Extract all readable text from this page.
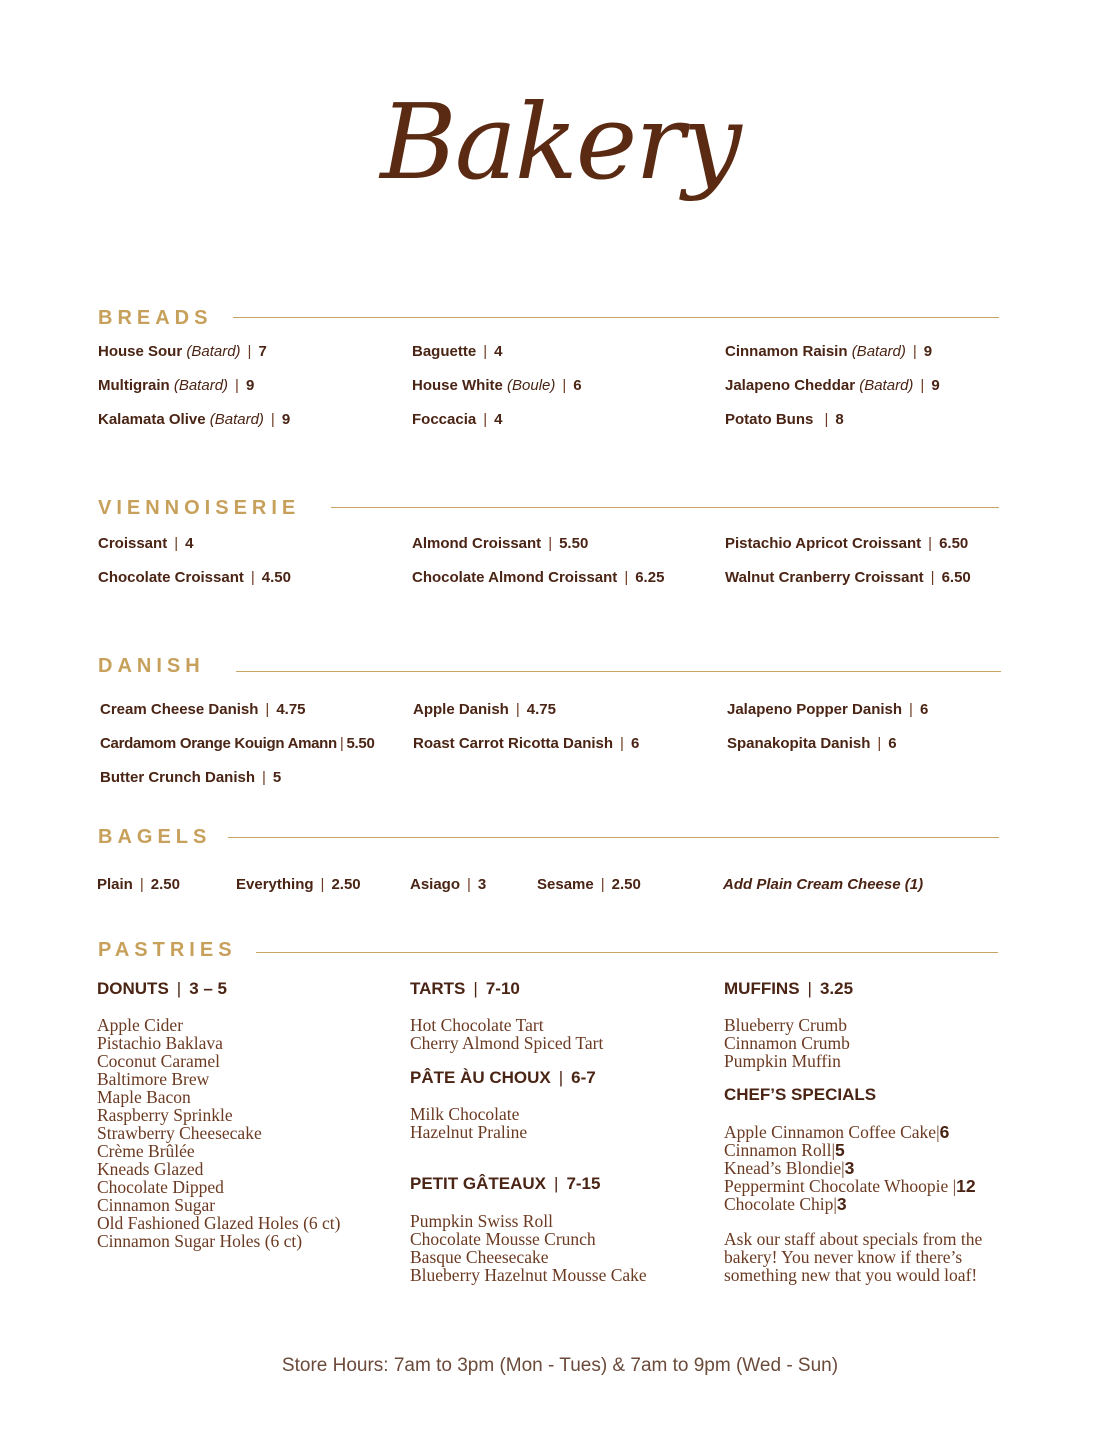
Bakery
BREADS
House Sour (Batard) | 7	Baguette | 4	Cinnamon Raisin (Batard) | 9
Multigrain (Batard) | 9	House White (Boule) | 6	Jalapeno Cheddar (Batard) | 9
Kalamata Olive (Batard) | 9	Foccacia | 4	Potato Buns | 8
VIENNOISERIE
Croissant | 4	Almond Croissant | 5.50	Pistachio Apricot Croissant | 6.50
Chocolate Croissant | 4.50	Chocolate Almond Croissant | 6.25	Walnut Cranberry Croissant | 6.50
DANISH
Cream Cheese Danish | 4.75	Apple Danish | 4.75	Jalapeno Popper Danish | 6
Cardamom Orange Kouign Amann | 5.50	Roast Carrot Ricotta Danish | 6	Spanakopita Danish | 6
Butter Crunch Danish | 5
BAGELS
Plain | 2.50	Everything | 2.50	Asiago | 3	Sesame | 2.50	Add Plain Cream Cheese (1)
PASTRIES
DONUTS | 3 – 5
Apple Cider
Pistachio Baklava
Coconut Caramel
Baltimore Brew
Maple Bacon
Raspberry Sprinkle
Strawberry Cheesecake
Crème Brûlée
Kneads Glazed
Chocolate Dipped
Cinnamon Sugar
Old Fashioned Glazed Holes (6 ct)
Cinnamon Sugar Holes (6 ct)
TARTS | 7-10
Hot Chocolate Tart
Cherry Almond Spiced Tart
PÂTE ÀU CHOUX | 6-7
Milk Chocolate
Hazelnut Praline
PETIT GÂTEAUX | 7-15
Pumpkin Swiss Roll
Chocolate Mousse Crunch
Basque Cheesecake
Blueberry Hazelnut Mousse Cake
MUFFINS | 3.25
Blueberry Crumb
Cinnamon Crumb
Pumpkin Muffin
CHEF’S SPECIALS
Apple Cinnamon Coffee Cake|6
Cinnamon Roll|5
Knead’s Blondie|3
Peppermint Chocolate Whoopie |12
Chocolate Chip|3
Ask our staff about specials from the
bakery! You never know if there’s
something new that you would loaf!
Store Hours: 7am to 3pm (Mon - Tues) & 7am to 9pm (Wed - Sun)
